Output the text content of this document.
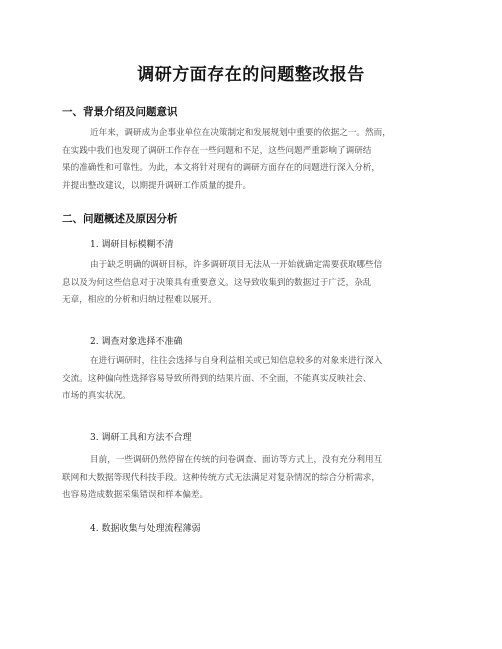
调研方面存在的问题整改报告
一、背景介绍及问题意识
近年来，调研成为企事业单位在决策制定和发展规划中重要的依据之一。然而，
在实践中我们也发现了调研工作存在一些问题和不足，这些问题严重影响了调研结
果的准确性和可靠性。为此，本文将针对现有的调研方面存在的问题进行深入分析，
并提出整改建议，以期提升调研工作质量的提升。
二、问题概述及原因分析
1. 调研目标模糊不清
由于缺乏明确的调研目标，许多调研项目无法从一开始就确定需要获取哪些信
息以及为何这些信息对于决策具有重要意义。这导致收集到的数据过于广泛，杂乱
无章，相应的分析和归纳过程难以展开。
2. 调查对象选择不准确
在进行调研时，往往会选择与自身利益相关或已知信息较多的对象来进行深入
交流。这种偏向性选择容易导致所得到的结果片面、不全面，不能真实反映社会、
市场的真实状况。
3. 调研工具和方法不合理
目前，一些调研仍然停留在传统的问卷调查、面访等方式上，没有充分利用互
联网和大数据等现代科技手段。这种传统方式无法满足对复杂情况的综合分析需求，
也容易造成数据采集错误和样本偏差。
4. 数据收集与处理流程薄弱
